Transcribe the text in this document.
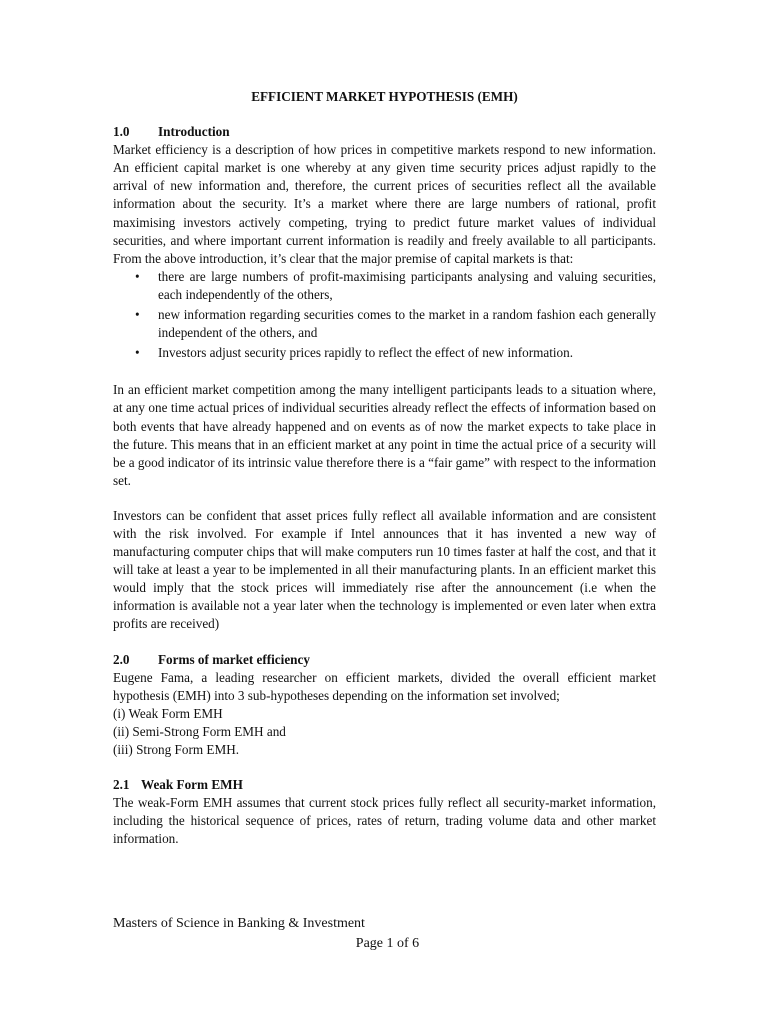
EFFICIENT MARKET HYPOTHESIS (EMH)
1.0 Introduction

Market efficiency is a description of how prices in competitive markets respond to new information. An efficient capital market is one whereby at any given time security prices adjust rapidly to the arrival of new information and, therefore, the current prices of securities reflect all the available information about the security. It’s a market where there are large numbers of rational, profit maximising investors actively competing, trying to predict future market values of individual securities, and where important current information is readily and freely available to all participants. From the above introduction, it’s clear that the major premise of capital markets is that:

• there are large numbers of profit-maximising participants analysing and valuing securities, each independently of the others,
• new information regarding securities comes to the market in a random fashion each generally independent of the others, and
• Investors adjust security prices rapidly to reflect the effect of new information.

In an efficient market competition among the many intelligent participants leads to a situation where, at any one time actual prices of individual securities already reflect the effects of information based on both events that have already happened and on events as of now the market expects to take place in the future. This means that in an efficient market at any point in time the actual price of a security will be a good indicator of its intrinsic value therefore there is a “fair game” with respect to the information set.

Investors can be confident that asset prices fully reflect all available information and are consistent with the risk involved. For example if Intel announces that it has invented a new way of manufacturing computer chips that will make computers run 10 times faster at half the cost, and that it will take at least a year to be implemented in all their manufacturing plants. In an efficient market this would imply that the stock prices will immediately rise after the announcement (i.e when the information is available not a year later when the technology is implemented or even later when extra profits are received)

2.0 Forms of market efficiency

Eugene Fama, a leading researcher on efficient markets, divided the overall efficient market hypothesis (EMH) into 3 sub-hypotheses depending on the information set involved;

(i) Weak Form EMH
(ii) Semi-Strong Form EMH and
(iii) Strong Form EMH.
2.1 Weak Form EMH

The weak-Form EMH assumes that current stock prices fully reflect all security-market information, including the historical sequence of prices, rates of return, trading volume data and other market information.

Masters of Science in Banking & Investment
Page 1 of 6
